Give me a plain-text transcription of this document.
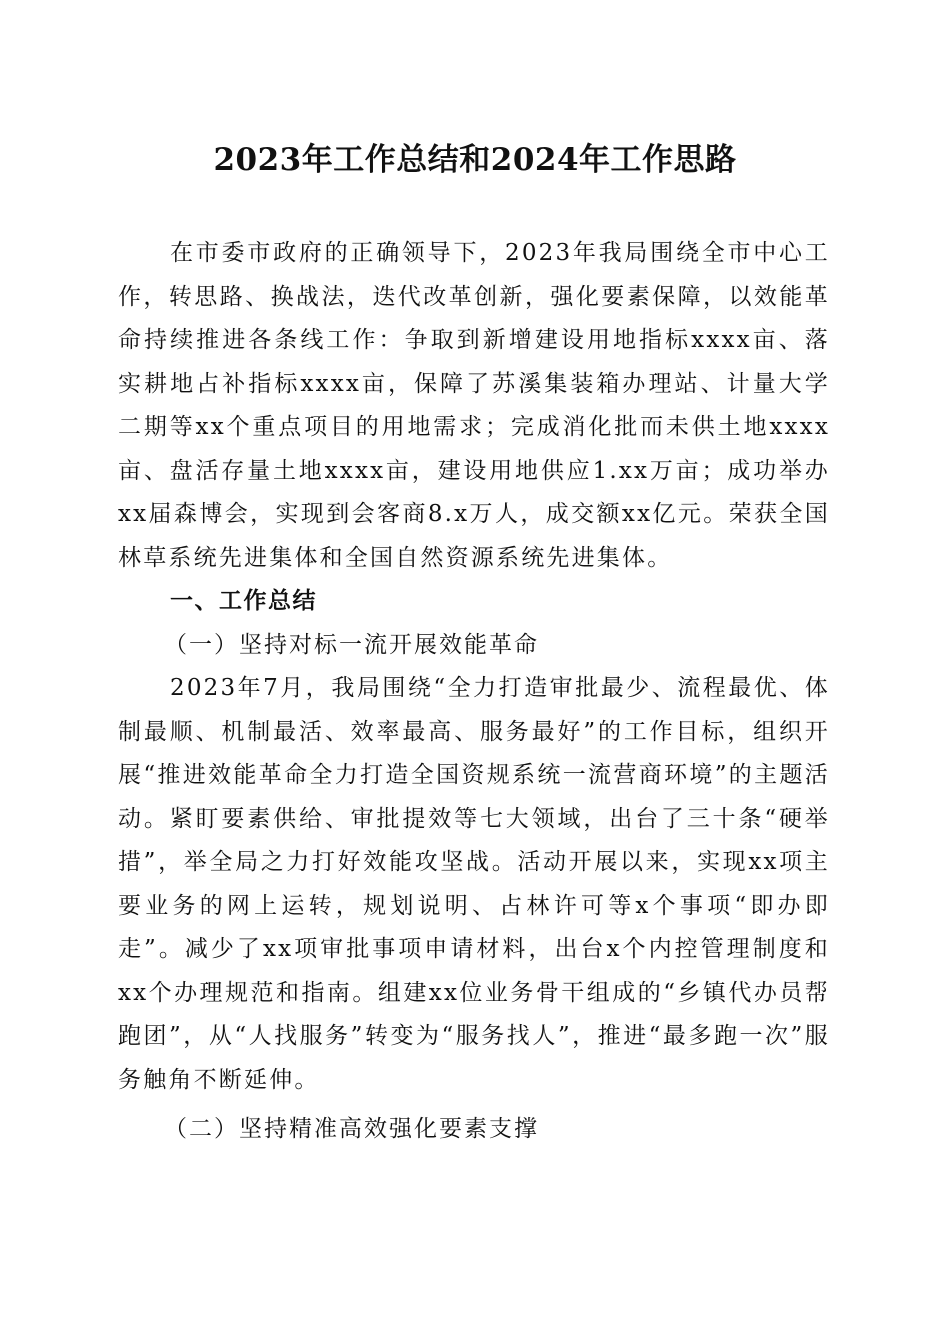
2023年工作总结和2024年工作思路

在市委市政府的正确领导下，2023年我局围绕全市中心工作，转思路、换战法，迭代改革创新，强化要素保障，以效能革命持续推进各条线工作：争取到新增建设用地指标xxxx亩、落实耕地占补指标xxxx亩，保障了苏溪集装箱办理站、计量大学二期等xx个重点项目的用地需求；完成消化批而未供土地xxxx亩、盘活存量土地xxxx亩，建设用地供应1.xx万亩；成功举办xx届森博会，实现到会客商8.x万人，成交额xx亿元。荣获全国林草系统先进集体和全国自然资源系统先进集体。

一、工作总结

（一）坚持对标一流开展效能革命

2023年7月，我局围绕“全力打造审批最少、流程最优、体制最顺、机制最活、效率最高、服务最好”的工作目标，组织开展“推进效能革命全力打造全国资规系统一流营商环境”的主题活动。紧盯要素供给、审批提效等七大领域，出台了三十条“硬举措”，举全局之力打好效能攻坚战。活动开展以来，实现xx项主要业务的网上运转，规划说明、占林许可等x个事项“即办即走”。减少了xx项审批事项申请材料，出台x个内控管理制度和xx个办理规范和指南。组建xx位业务骨干组成的“乡镇代办员帮跑团”，从“人找服务”转变为“服务找人”，推进“最多跑一次”服务触角不断延伸。

（二）坚持精准高效强化要素支撑
